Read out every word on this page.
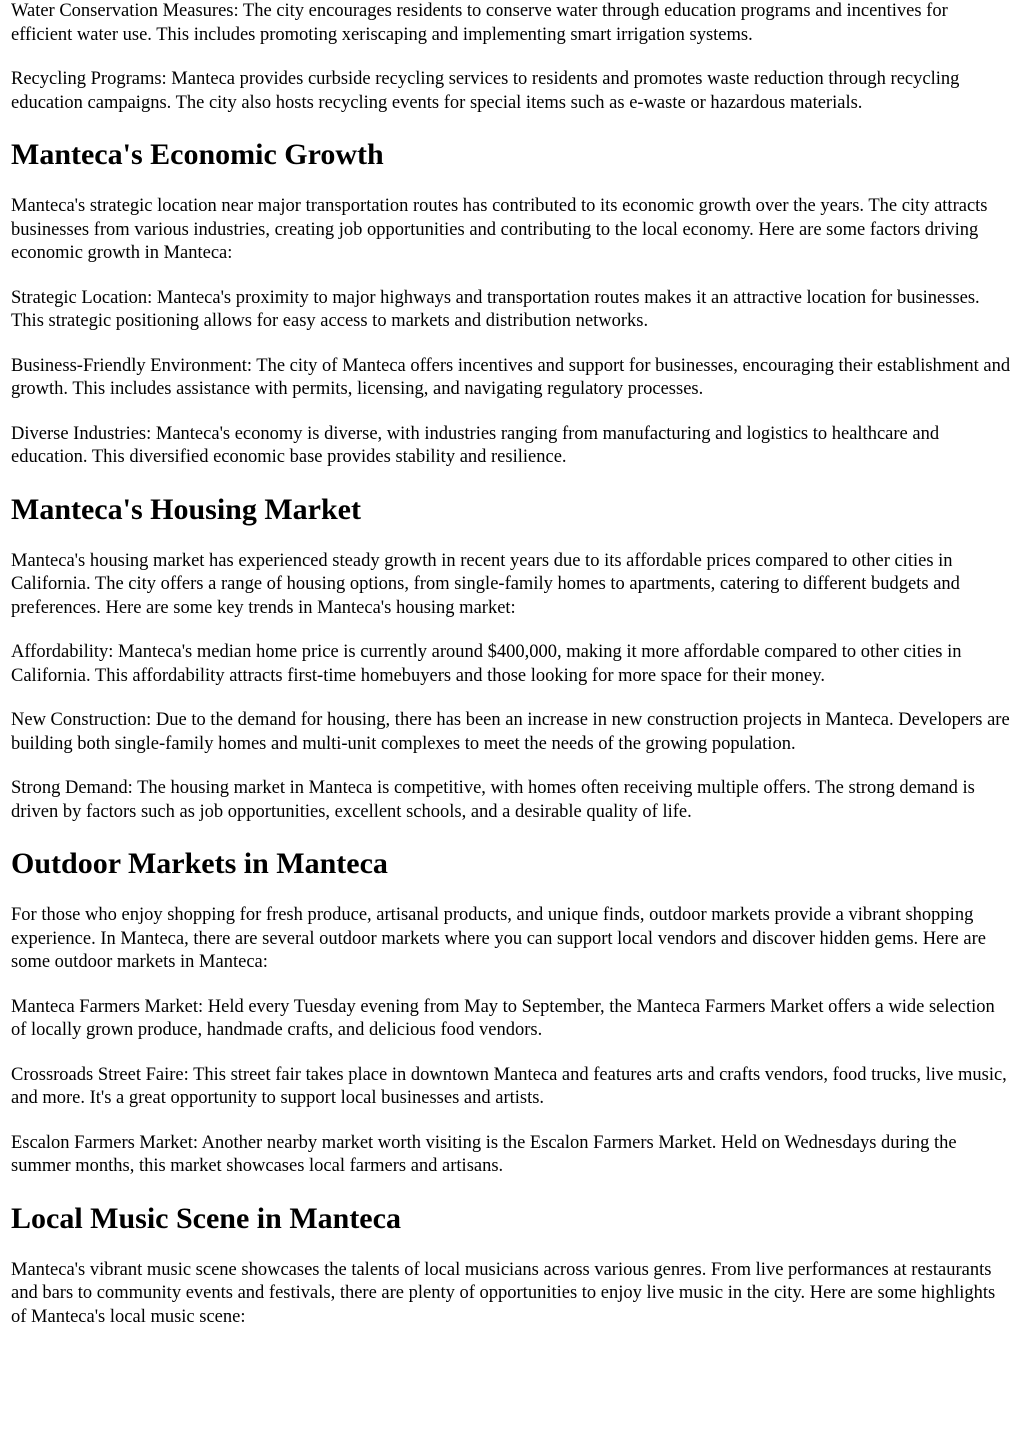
Water Conservation Measures: The city encourages residents to conserve water through education programs and incentives for efficient water use. This includes promoting xeriscaping and implementing smart irrigation systems.

Recycling Programs: Manteca provides curbside recycling services to residents and promotes waste reduction through recycling education campaigns. The city also hosts recycling events for special items such as e-waste or hazardous materials.

Manteca's Economic Growth

Manteca's strategic location near major transportation routes has contributed to its economic growth over the years. The city attracts businesses from various industries, creating job opportunities and contributing to the local economy. Here are some factors driving economic growth in Manteca:

Strategic Location: Manteca's proximity to major highways and transportation routes makes it an attractive location for businesses. This strategic positioning allows for easy access to markets and distribution networks.

Business-Friendly Environment: The city of Manteca offers incentives and support for businesses, encouraging their establishment and growth. This includes assistance with permits, licensing, and navigating regulatory processes.

Diverse Industries: Manteca's economy is diverse, with industries ranging from manufacturing and logistics to healthcare and education. This diversified economic base provides stability and resilience.

Manteca's Housing Market

Manteca's housing market has experienced steady growth in recent years due to its affordable prices compared to other cities in California. The city offers a range of housing options, from single-family homes to apartments, catering to different budgets and preferences. Here are some key trends in Manteca's housing market:

Affordability: Manteca's median home price is currently around $400,000, making it more affordable compared to other cities in California. This affordability attracts first-time homebuyers and those looking for more space for their money.

New Construction: Due to the demand for housing, there has been an increase in new construction projects in Manteca. Developers are building both single-family homes and multi-unit complexes to meet the needs of the growing population.

Strong Demand: The housing market in Manteca is competitive, with homes often receiving multiple offers. The strong demand is driven by factors such as job opportunities, excellent schools, and a desirable quality of life.

Outdoor Markets in Manteca

For those who enjoy shopping for fresh produce, artisanal products, and unique finds, outdoor markets provide a vibrant shopping experience. In Manteca, there are several outdoor markets where you can support local vendors and discover hidden gems. Here are some outdoor markets in Manteca:

Manteca Farmers Market: Held every Tuesday evening from May to September, the Manteca Farmers Market offers a wide selection of locally grown produce, handmade crafts, and delicious food vendors.

Crossroads Street Faire: This street fair takes place in downtown Manteca and features arts and crafts vendors, food trucks, live music, and more. It's a great opportunity to support local businesses and artists.

Escalon Farmers Market: Another nearby market worth visiting is the Escalon Farmers Market. Held on Wednesdays during the summer months, this market showcases local farmers and artisans.

Local Music Scene in Manteca

Manteca's vibrant music scene showcases the talents of local musicians across various genres. From live performances at restaurants and bars to community events and festivals, there are plenty of opportunities to enjoy live music in the city. Here are some highlights of Manteca's local music scene:
